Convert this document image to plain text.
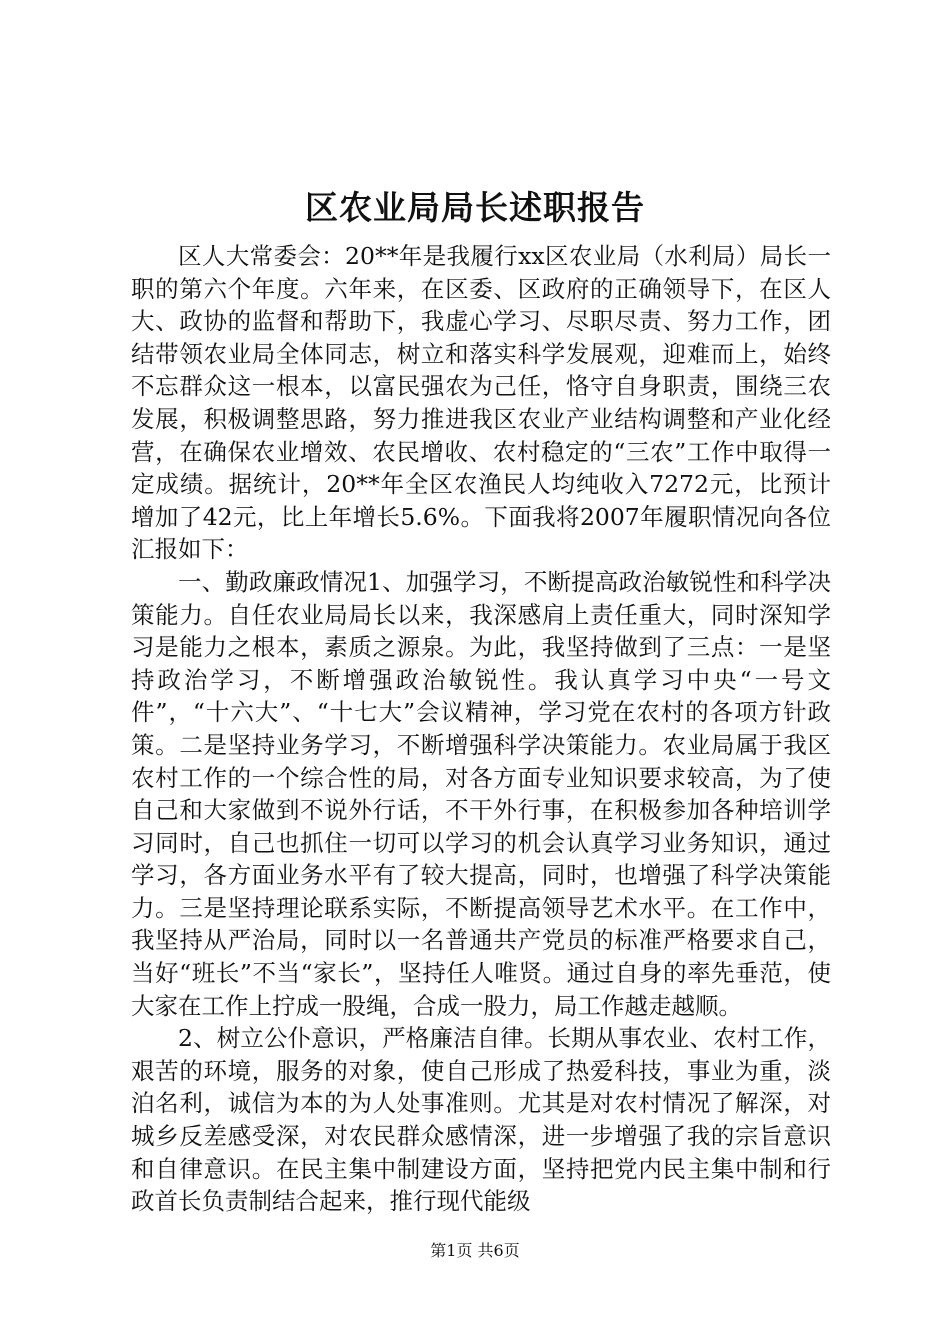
区农业局局长述职报告

区人大常委会：20**年是我履行xx区农业局（水利局）局长一职的第六个年度。六年来，在区委、区政府的正确领导下，在区人大、政协的监督和帮助下，我虚心学习、尽职尽责、努力工作，团结带领农业局全体同志，树立和落实科学发展观，迎难而上，始终不忘群众这一根本，以富民强农为己任，恪守自身职责，围绕三农发展，积极调整思路，努力推进我区农业产业结构调整和产业化经营，在确保农业增效、农民增收、农村稳定的“三农”工作中取得一定成绩。据统计，20**年全区农渔民人均纯收入7272元，比预计增加了42元，比上年增长5.6%。下面我将2007年履职情况向各位汇报如下：

一、勤政廉政情况1、加强学习，不断提高政治敏锐性和科学决策能力。自任农业局局长以来，我深感肩上责任重大，同时深知学习是能力之根本，素质之源泉。为此，我坚持做到了三点：一是坚持政治学习，不断增强政治敏锐性。我认真学习中央“一号文件”，“十六大”、“十七大”会议精神，学习党在农村的各项方针政策。二是坚持业务学习，不断增强科学决策能力。农业局属于我区农村工作的一个综合性的局，对各方面专业知识要求较高，为了使自己和大家做到不说外行话，不干外行事，在积极参加各种培训学习同时，自己也抓住一切可以学习的机会认真学习业务知识，通过学习，各方面业务水平有了较大提高，同时，也增强了科学决策能力。三是坚持理论联系实际，不断提高领导艺术水平。在工作中，我坚持从严治局，同时以一名普通共产党员的标准严格要求自己，当好“班长”不当“家长”，坚持任人唯贤。通过自身的率先垂范，使大家在工作上拧成一股绳，合成一股力，局工作越走越顺。

2、树立公仆意识，严格廉洁自律。长期从事农业、农村工作，艰苦的环境，服务的对象，使自己形成了热爱科技，事业为重，淡泊名利，诚信为本的为人处事准则。尤其是对农村情况了解深，对城乡反差感受深，对农民群众感情深，进一步增强了我的宗旨意识和自律意识。在民主集中制建设方面，坚持把党内民主集中制和行政首长负责制结合起来，推行现代能级

第1页 共6页
